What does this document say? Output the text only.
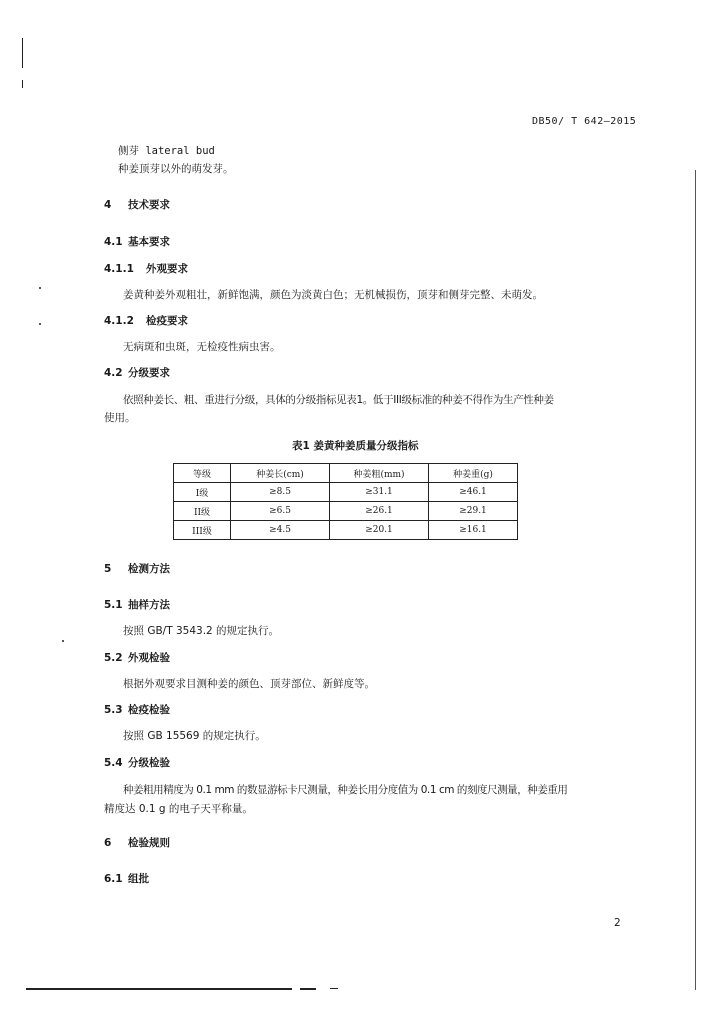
DB50/ T 642—2015
侧芽 lateral bud
种姜顶芽以外的萌发芽。
4 技术要求
4.1 基本要求
4.1.1 外观要求
姜黄种姜外观粗壮，新鲜饱满，颜色为淡黄白色；无机械损伤，顶芽和侧芽完整、未萌发。
4.1.2 检疫要求
无病斑和虫斑，无检疫性病虫害。
4.2 分级要求
依照种姜长、粗、重进行分级，具体的分级指标见表1。低于III级标准的种姜不得作为生产性种姜
使用。
表1 姜黄种姜质量分级指标
等级	种姜长(cm)	种姜粗(mm)	种姜重(g)
I级	≥8.5	≥31.1	≥46.1
II级	≥6.5	≥26.1	≥29.1
III级	≥4.5	≥20.1	≥16.1
5 检测方法
5.1 抽样方法
按照 GB/T 3543.2 的规定执行。
5.2 外观检验
根据外观要求目测种姜的颜色、顶芽部位、新鲜度等。
5.3 检疫检验
按照 GB 15569 的规定执行。
5.4 分级检验
种姜粗用精度为 0.1 mm 的数显游标卡尺测量，种姜长用分度值为 0.1 cm 的刻度尺测量，种姜重用
精度达 0.1 g 的电子天平称量。
6 检验规则
6.1 组批
2
